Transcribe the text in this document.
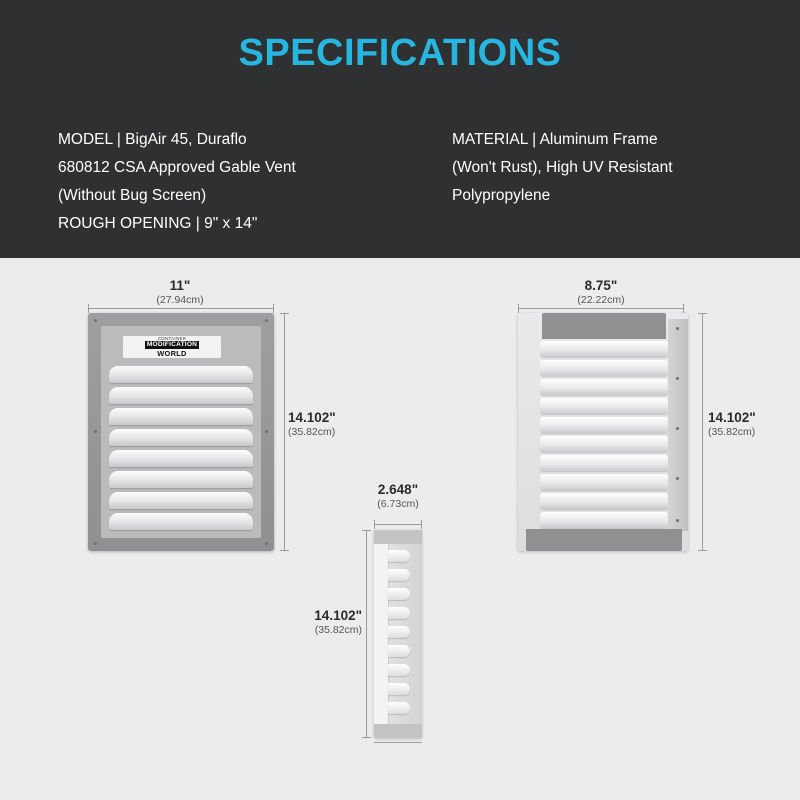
SPECIFICATIONS
MODEL | BigAir 45, Duraflo
680812 CSA Approved Gable Vent
(Without Bug Screen)
ROUGH OPENING | 9" x 14"
MATERIAL | Aluminum Frame
(Won't Rust), High UV Resistant
Polypropylene
11"
(27.94cm)
14.102"
(35.82cm)
CONTAINER
MODIFICATION
WORLD
8.75"
(22.22cm)
14.102"
(35.82cm)
2.648"
(6.73cm)
14.102"
(35.82cm)
